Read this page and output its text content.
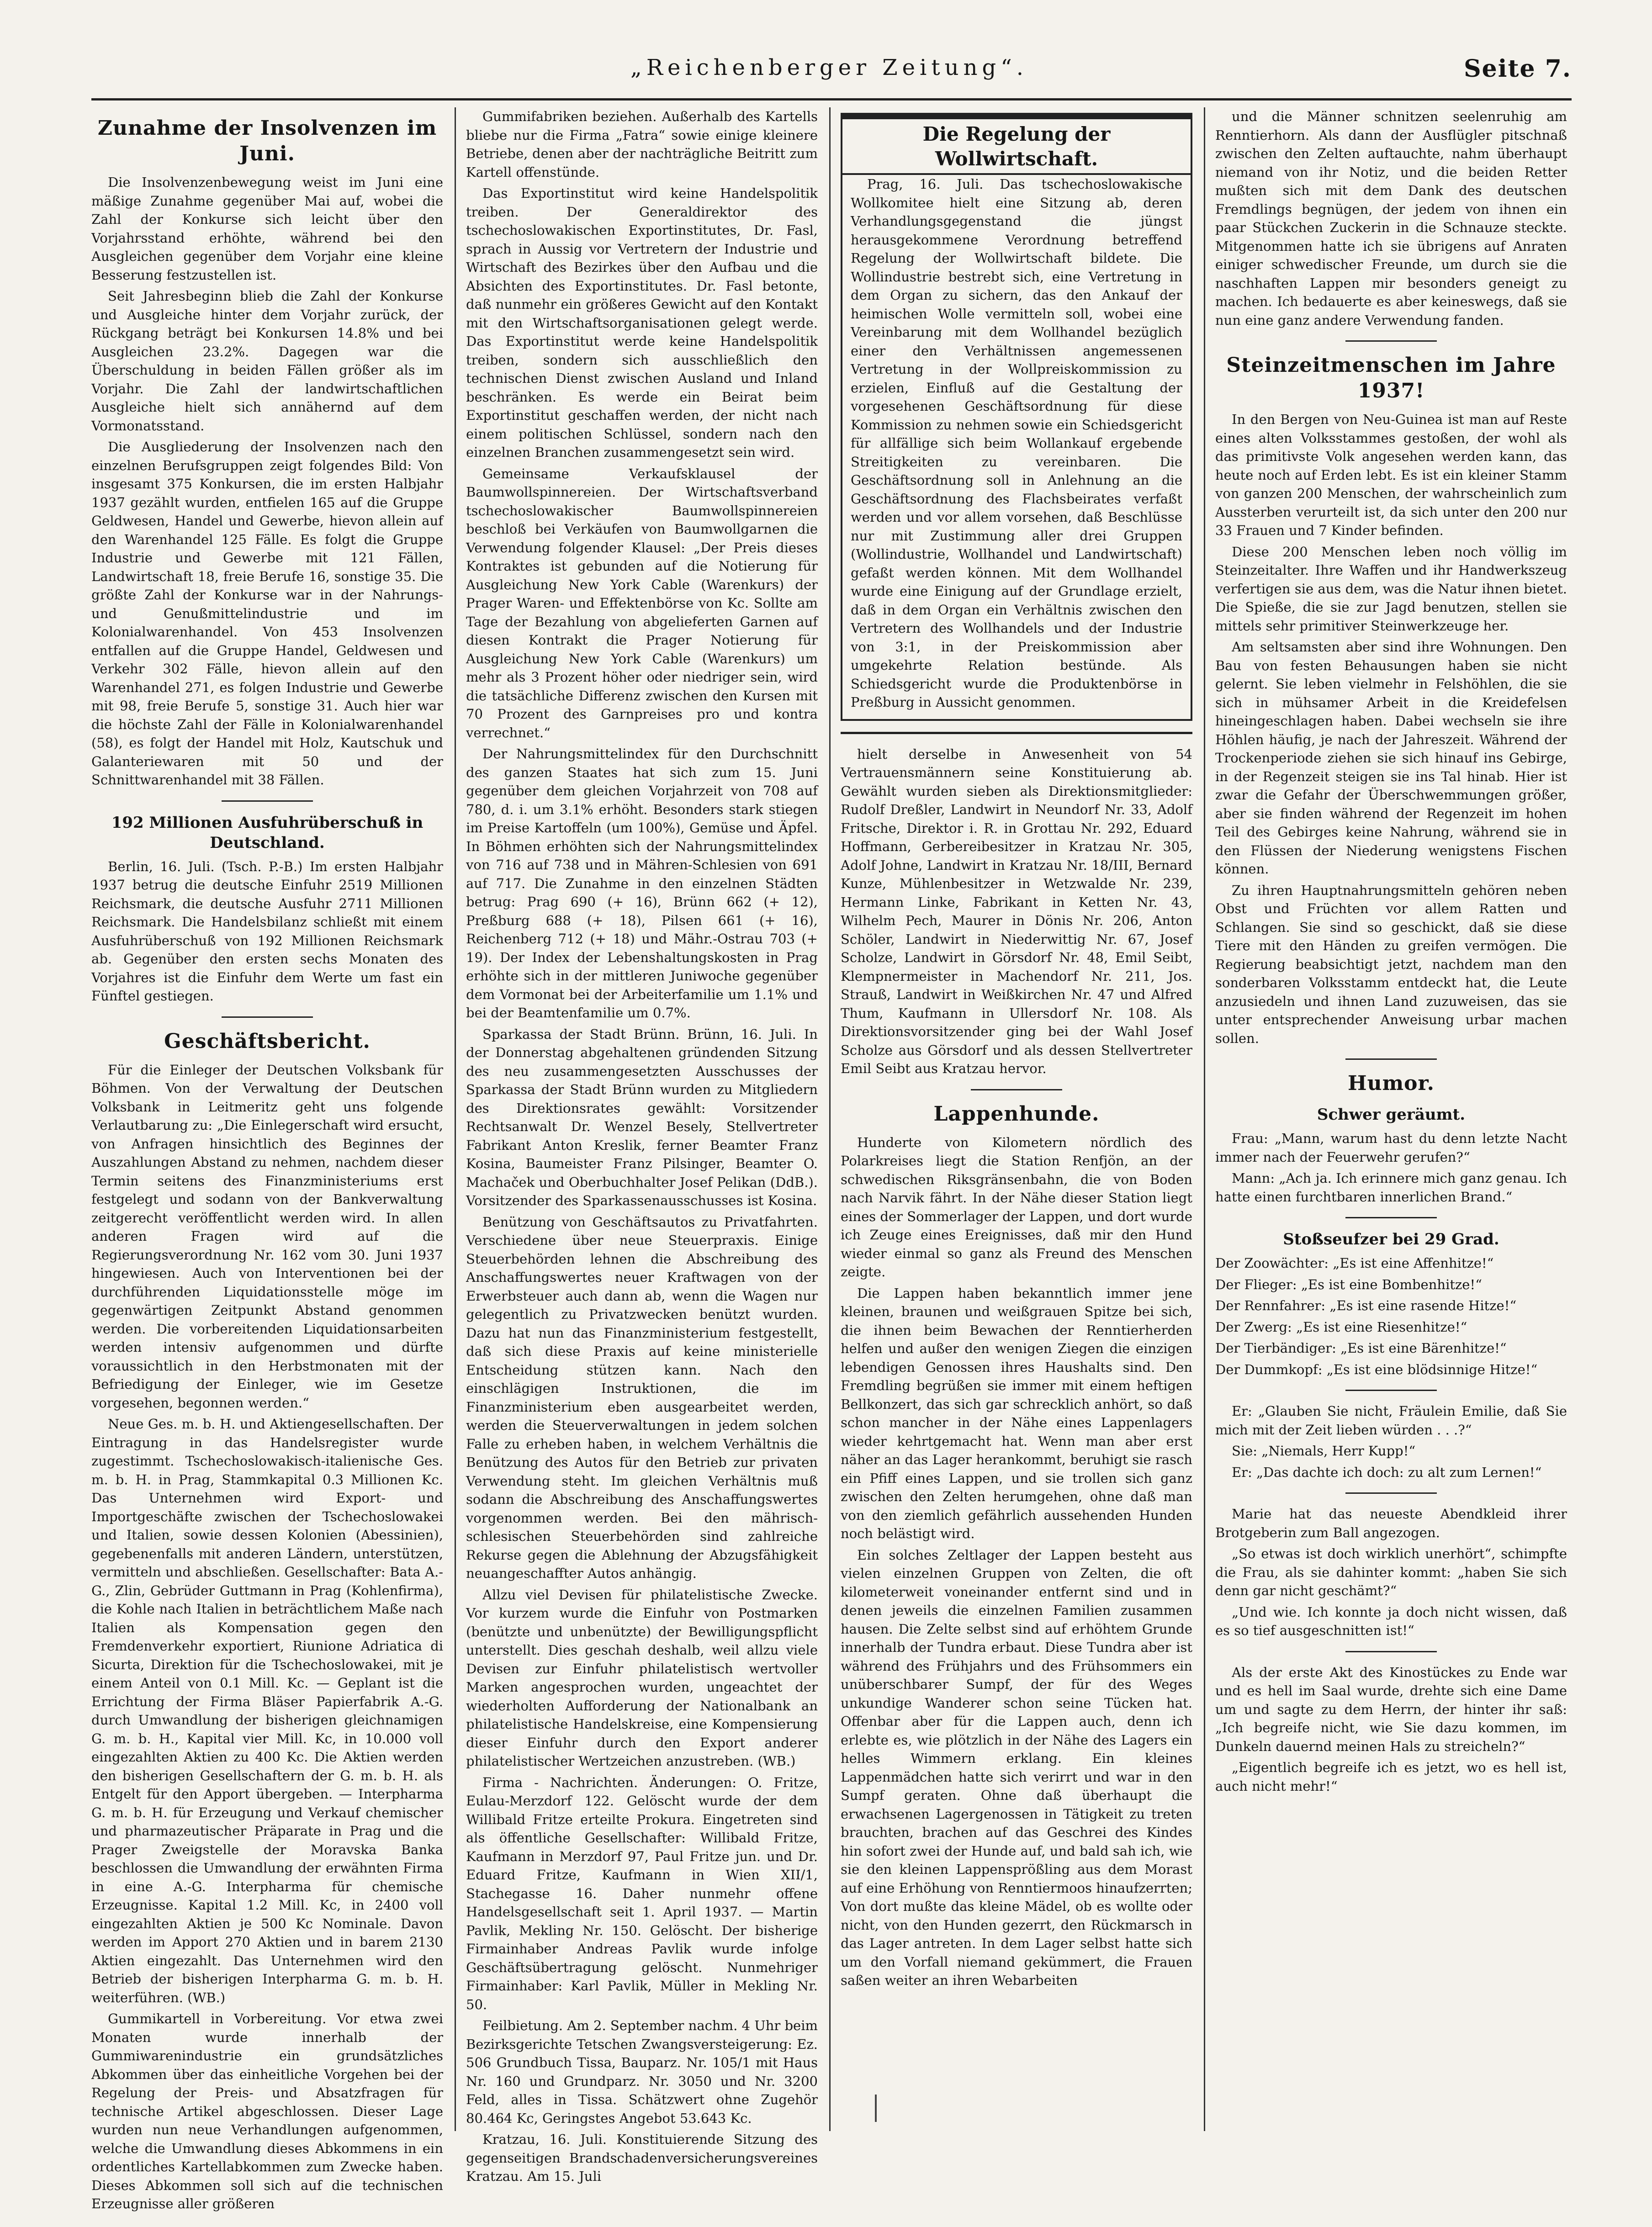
„Reichenberger Zeitung“.	Seite 7.
Zunahme der Insolvenzen im Juni.

Die Insolvenzenbewegung weist im Juni eine mäßige Zunahme gegenüber Mai auf, wobei die Zahl der Konkurse sich leicht über den Vorjahrsstand erhöhte, während bei den Ausgleichen gegenüber dem Vorjahr eine kleine Besserung festzustellen ist.

Seit Jahresbeginn blieb die Zahl der Konkurse und Ausgleiche hinter dem Vorjahr zurück, der Rückgang beträgt bei Konkursen 14.8% und bei Ausgleichen 23.2%. Dagegen war die Überschuldung in beiden Fällen größer als im Vorjahr. Die Zahl der landwirtschaftlichen Ausgleiche hielt sich annähernd auf dem Vormonatsstand.

Die Ausgliederung der Insolvenzen nach den einzelnen Berufsgruppen zeigt folgendes Bild: Von insgesamt 375 Konkursen, die im ersten Halbjahr 1937 gezählt wurden, entfielen 165 auf die Gruppe Geldwesen, Handel und Gewerbe, hievon allein auf den Warenhandel 125 Fälle. Es folgt die Gruppe Industrie und Gewerbe mit 121 Fällen, Landwirtschaft 18, freie Berufe 16, sonstige 35. Die größte Zahl der Konkurse war in der Nahrungs- und Genußmittelindustrie und im Kolonialwarenhandel. Von 453 Insolvenzen entfallen auf die Gruppe Handel, Geldwesen und Verkehr 302 Fälle, hievon allein auf den Warenhandel 271, es folgen Industrie und Gewerbe mit 98, freie Berufe 5, sonstige 31. Auch hier war die höchste Zahl der Fälle in Kolonialwarenhandel (58), es folgt der Handel mit Holz, Kautschuk und Galanteriewaren mit 50 und der Schnittwarenhandel mit 38 Fällen.

192 Millionen Ausfuhrüberschuß in Deutschland.

Berlin, 16. Juli. (Tsch. P.-B.) Im ersten Halbjahr 1937 betrug die deutsche Einfuhr 2519 Millionen Reichsmark, die deutsche Ausfuhr 2711 Millionen Reichsmark. Die Handelsbilanz schließt mit einem Ausfuhrüberschuß von 192 Millionen Reichsmark ab. Gegenüber den ersten sechs Monaten des Vorjahres ist die Einfuhr dem Werte um fast ein Fünftel gestiegen.

Geschäftsbericht.

Für die Einleger der Deutschen Volksbank für Böhmen. Von der Verwaltung der Deutschen Volksbank in Leitmeritz geht uns folgende Verlautbarung zu: „Die Einlegerschaft wird ersucht, von Anfragen hinsichtlich des Beginnes der Auszahlungen Abstand zu nehmen, nachdem dieser Termin seitens des Finanzministeriums erst festgelegt und sodann von der Bankverwaltung zeitgerecht veröffentlicht werden wird. In allen anderen Fragen wird auf die Regierungsverordnung Nr. 162 vom 30. Juni 1937 hingewiesen. Auch von Interventionen bei der durchführenden Liquidationsstelle möge im gegenwärtigen Zeitpunkt Abstand genommen werden. Die vorbereitenden Liquidationsarbeiten werden intensiv aufgenommen und dürfte voraussichtlich in den Herbstmonaten mit der Befriedigung der Einleger, wie im Gesetze vorgesehen, begonnen werden.“

Neue Ges. m. b. H. und Aktiengesellschaften. Der Eintragung in das Handelsregister wurde zugestimmt. Tschechoslowakisch-italienische Ges. m. b. H. in Prag, Stammkapital 0.3 Millionen Kc. Das Unternehmen wird Export- und Importgeschäfte zwischen der Tschechoslowakei und Italien, sowie dessen Kolonien (Abessinien), gegebenenfalls mit anderen Ländern, unterstützen, vermitteln und abschließen. Gesellschafter: Bata A.-G., Zlin, Gebrüder Guttmann in Prag (Kohlenfirma), die Kohle nach Italien in beträchtlichem Maße nach Italien als Kompensation gegen den Fremdenverkehr exportiert, Riunione Adriatica di Sicurta, Direktion für die Tschechoslowakei, mit je einem Anteil von 0.1 Mill. Kc. — Geplant ist die Errichtung der Firma Bläser Papierfabrik A.-G. durch Umwandlung der bisherigen gleichnamigen G. m. b. H., Kapital vier Mill. Kc, in 10.000 voll eingezahlten Aktien zu 400 Kc. Die Aktien werden den bisherigen Gesellschaftern der G. m. b. H. als Entgelt für den Apport übergeben. — Interpharma G. m. b. H. für Erzeugung und Verkauf chemischer und pharmazeutischer Präparate in Prag und die Prager Zweigstelle der Moravska Banka beschlossen die Umwandlung der erwähnten Firma in eine A.-G. Interpharma für chemische Erzeugnisse. Kapital 1.2 Mill. Kc, in 2400 voll eingezahlten Aktien je 500 Kc Nominale. Davon werden im Apport 270 Aktien und in barem 2130 Aktien eingezahlt. Das Unternehmen wird den Betrieb der bisherigen Interpharma G. m. b. H. weiterführen. (WB.)

Gummikartell in Vorbereitung. Vor etwa zwei Monaten wurde innerhalb der Gummiwarenindustrie ein grundsätzliches Abkommen über das einheitliche Vorgehen bei der Regelung der Preis- und Absatzfragen für technische Artikel abgeschlossen. Dieser Lage wurden nun neue Verhandlungen aufgenommen, welche die Umwandlung dieses Abkommens in ein ordentliches Kartellabkommen zum Zwecke haben. Dieses Abkommen soll sich auf die technischen Erzeugnisse aller größeren

Gummifabriken beziehen. Außerhalb des Kartells bliebe nur die Firma „Fatra“ sowie einige kleinere Betriebe, denen aber der nachträgliche Beitritt zum Kartell offenstünde.

Das Exportinstitut wird keine Handelspolitik treiben. Der Generaldirektor des tschechoslowakischen Exportinstitutes, Dr. Fasl, sprach in Aussig vor Vertretern der Industrie und Wirtschaft des Bezirkes über den Aufbau und die Absichten des Exportinstitutes. Dr. Fasl betonte, daß nunmehr ein größeres Gewicht auf den Kontakt mit den Wirtschaftsorganisationen gelegt werde. Das Exportinstitut werde keine Handelspolitik treiben, sondern sich ausschließlich den technischen Dienst zwischen Ausland und Inland beschränken. Es werde ein Beirat beim Exportinstitut geschaffen werden, der nicht nach einem politischen Schlüssel, sondern nach den einzelnen Branchen zusammengesetzt sein wird.

Gemeinsame Verkaufsklausel der Baumwollspinnereien. Der Wirtschaftsverband tschechoslowakischer Baumwollspinnereien beschloß bei Verkäufen von Baumwollgarnen die Verwendung folgender Klausel: „Der Preis dieses Kontraktes ist gebunden auf die Notierung für Ausgleichung New York Cable (Warenkurs) der Prager Waren- und Effektenbörse von Kc. Sollte am Tage der Bezahlung von abgelieferten Garnen auf diesen Kontrakt die Prager Notierung für Ausgleichung New York Cable (Warenkurs) um mehr als 3 Prozent höher oder niedriger sein, wird die tatsächliche Differenz zwischen den Kursen mit 70 Prozent des Garnpreises pro und kontra verrechnet.“

Der Nahrungsmittelindex für den Durchschnitt des ganzen Staates hat sich zum 15. Juni gegenüber dem gleichen Vorjahrzeit von 708 auf 780, d. i. um 3.1% erhöht. Besonders stark stiegen im Preise Kartoffeln (um 100%), Gemüse und Äpfel. In Böhmen erhöhten sich der Nahrungsmittelindex von 716 auf 738 und in Mähren-Schlesien von 691 auf 717. Die Zunahme in den einzelnen Städten betrug: Prag 690 (+ 16), Brünn 662 (+ 12), Preßburg 688 (+ 18), Pilsen 661 (+ 16), Reichenberg 712 (+ 18) und Mähr.-Ostrau 703 (+ 19). Der Index der Lebenshaltungskosten in Prag erhöhte sich in der mittleren Juniwoche gegenüber dem Vormonat bei der Arbeiterfamilie um 1.1% und bei der Beamtenfamilie um 0.7%.

Sparkassa der Stadt Brünn. Brünn, 16. Juli. In der Donnerstag abgehaltenen gründenden Sitzung des neu zusammengesetzten Ausschusses der Sparkassa der Stadt Brünn wurden zu Mitgliedern des Direktionsrates gewählt: Vorsitzender Rechtsanwalt Dr. Wenzel Besely, Stellvertreter Fabrikant Anton Kreslik, ferner Beamter Franz Kosina, Baumeister Franz Pilsinger, Beamter O. Machaček und Oberbuchhalter Josef Pelikan (DdB.). Vorsitzender des Sparkassenausschusses ist Kosina.

Benützung von Geschäftsautos zu Privatfahrten. Verschiedene über neue Steuerpraxis. Einige Steuerbehörden lehnen die Abschreibung des Anschaffungswertes neuer Kraftwagen von der Erwerbsteuer auch dann ab, wenn die Wagen nur gelegentlich zu Privatzwecken benützt wurden. Dazu hat nun das Finanzministerium festgestellt, daß sich diese Praxis auf keine ministerielle Entscheidung stützen kann. Nach den einschlägigen Instruktionen, die im Finanzministerium eben ausgearbeitet werden, werden die Steuerverwaltungen in jedem solchen Falle zu erheben haben, in welchem Verhältnis die Benützung des Autos für den Betrieb zur privaten Verwendung steht. Im gleichen Verhältnis muß sodann die Abschreibung des Anschaffungswertes vorgenommen werden. Bei den mährisch-schlesischen Steuerbehörden sind zahlreiche Rekurse gegen die Ablehnung der Abzugsfähigkeit neuangeschaffter Autos anhängig.

Allzu viel Devisen für philatelistische Zwecke. Vor kurzem wurde die Einfuhr von Postmarken (benützte und unbenützte) der Bewilligungspflicht unterstellt. Dies geschah deshalb, weil allzu viele Devisen zur Einfuhr philatelistisch wertvoller Marken angesprochen wurden, ungeachtet der wiederholten Aufforderung der Nationalbank an philatelistische Handelskreise, eine Kompensierung dieser Einfuhr durch den Export anderer philatelistischer Wertzeichen anzustreben. (WB.)

Firma - Nachrichten. Änderungen: O. Fritze, Eulau-Merzdorf 122. Gelöscht wurde der dem Willibald Fritze erteilte Prokura. Eingetreten sind als öffentliche Gesellschafter: Willibald Fritze, Kaufmann in Merzdorf 97, Paul Fritze jun. und Dr. Eduard Fritze, Kaufmann in Wien XII/1, Stachegasse 16. Daher nunmehr offene Handelsgesellschaft seit 1. April 1937. — Martin Pavlik, Mekling Nr. 150. Gelöscht. Der bisherige Firmainhaber Andreas Pavlik wurde infolge Geschäftsübertragung gelöscht. Nunmehriger Firmainhaber: Karl Pavlik, Müller in Mekling Nr. 50.

Feilbietung. Am 2. September nachm. 4 Uhr beim Bezirksgerichte Tetschen Zwangsversteigerung: Ez. 506 Grundbuch Tissa, Bauparz. Nr. 105/1 mit Haus Nr. 160 und Grundparz. Nr. 3050 und Nr. 3200 Feld, alles in Tissa. Schätzwert ohne Zugehör 80.464 Kc, Geringstes Angebot 53.643 Kc.

Kratzau, 16. Juli. Konstituierende Sitzung des gegenseitigen Brandschadenversicherungsvereines Kratzau. Am 15. Juli

Die Regelung der Wollwirtschaft.

Prag, 16. Juli. Das tschechoslowakische Wollkomitee hielt eine Sitzung ab, deren Verhandlungsgegenstand die jüngst herausgekommene Verordnung betreffend Regelung der Wollwirtschaft bildete. Die Wollindustrie bestrebt sich, eine Vertretung in dem Organ zu sichern, das den Ankauf der heimischen Wolle vermitteln soll, wobei eine Vereinbarung mit dem Wollhandel bezüglich einer den Verhältnissen angemessenen Vertretung in der Wollpreiskommission zu erzielen, Einfluß auf die Gestaltung der vorgesehenen Geschäftsordnung für diese Kommission zu nehmen sowie ein Schiedsgericht für allfällige sich beim Wollankauf ergebende Streitigkeiten zu vereinbaren. Die Geschäftsordnung soll in Anlehnung an die Geschäftsordnung des Flachsbeirates verfaßt werden und vor allem vorsehen, daß Beschlüsse nur mit Zustimmung aller drei Gruppen (Wollindustrie, Wollhandel und Landwirtschaft) gefaßt werden können. Mit dem Wollhandel wurde eine Einigung auf der Grundlage erzielt, daß in dem Organ ein Verhältnis zwischen den Vertretern des Wollhandels und der Industrie von 3:1, in der Preiskommission aber umgekehrte Relation bestünde. Als Schiedsgericht wurde die Produktenbörse in Preßburg in Aussicht genommen.

hielt derselbe in Anwesenheit von 54 Vertrauensmännern seine Konstituierung ab. Gewählt wurden sieben als Direktionsmitglieder: Rudolf Dreßler, Landwirt in Neundorf Nr. 33, Adolf Fritsche, Direktor i. R. in Grottau Nr. 292, Eduard Hoffmann, Gerbereibesitzer in Kratzau Nr. 305, Adolf Johne, Landwirt in Kratzau Nr. 18/III, Bernard Kunze, Mühlenbesitzer in Wetzwalde Nr. 239, Hermann Linke, Fabrikant in Ketten Nr. 43, Wilhelm Pech, Maurer in Dönis Nr. 206, Anton Schöler, Landwirt in Niederwittig Nr. 67, Josef Scholze, Landwirt in Görsdorf Nr. 48, Emil Seibt, Klempnermeister in Machendorf Nr. 211, Jos. Strauß, Landwirt in Weißkirchen Nr. 47 und Alfred Thum, Kaufmann in Ullersdorf Nr. 108. Als Direktionsvorsitzender ging bei der Wahl Josef Scholze aus Görsdorf und als dessen Stellvertreter Emil Seibt aus Kratzau hervor.

Lappenhunde.

Hunderte von Kilometern nördlich des Polarkreises liegt die Station Renfjön, an der schwedischen Riksgränsenbahn, die von Boden nach Narvik fährt. In der Nähe dieser Station liegt eines der Sommerlager der Lappen, und dort wurde ich Zeuge eines Ereignisses, daß mir den Hund wieder einmal so ganz als Freund des Menschen zeigte.

Die Lappen haben bekanntlich immer jene kleinen, braunen und weißgrauen Spitze bei sich, die ihnen beim Bewachen der Renntierherden helfen und außer den wenigen Ziegen die einzigen lebendigen Genossen ihres Haushalts sind. Den Fremdling begrüßen sie immer mit einem heftigen Bellkonzert, das sich gar schrecklich anhört, so daß schon mancher in der Nähe eines Lappenlagers wieder kehrtgemacht hat. Wenn man aber erst näher an das Lager herankommt, beruhigt sie rasch ein Pfiff eines Lappen, und sie trollen sich ganz zwischen den Zelten herumgehen, ohne daß man von den ziemlich gefährlich aussehenden Hunden noch belästigt wird.

Ein solches Zeltlager der Lappen besteht aus vielen einzelnen Gruppen von Zelten, die oft kilometerweit voneinander entfernt sind und in denen jeweils die einzelnen Familien zusammen hausen. Die Zelte selbst sind auf erhöhtem Grunde innerhalb der Tundra erbaut. Diese Tundra aber ist während des Frühjahrs und des Frühsommers ein unüberschbarer Sumpf, der für des Weges unkundige Wanderer schon seine Tücken hat. Offenbar aber für die Lappen auch, denn ich erlebte es, wie plötzlich in der Nähe des Lagers ein helles Wimmern erklang. Ein kleines Lappenmädchen hatte sich verirrt und war in den Sumpf geraten. Ohne daß überhaupt die erwachsenen Lagergenossen in Tätigkeit zu treten brauchten, brachen auf das Geschrei des Kindes hin sofort zwei der Hunde auf, und bald sah ich, wie sie den kleinen Lappensprößling aus dem Morast auf eine Erhöhung von Renntiermoos hinaufzerrten; Von dort mußte das kleine Mädel, ob es wollte oder nicht, von den Hunden gezerrt, den Rückmarsch in das Lager antreten. In dem Lager selbst hatte sich um den Vorfall niemand gekümmert, die Frauen saßen weiter an ihren Webarbeiten

und die Männer schnitzen seelenruhig am Renntierhorn. Als dann der Ausflügler pitschnaß zwischen den Zelten auftauchte, nahm überhaupt niemand von ihr Notiz, und die beiden Retter mußten sich mit dem Dank des deutschen Fremdlings begnügen, der jedem von ihnen ein paar Stückchen Zuckerin in die Schnauze steckte. Mitgenommen hatte ich sie übrigens auf Anraten einiger schwedischer Freunde, um durch sie die naschhaften Lappen mir besonders geneigt zu machen. Ich bedauerte es aber keineswegs, daß sie nun eine ganz andere Verwendung fanden.

Steinzeitmenschen im Jahre 1937!

In den Bergen von Neu-Guinea ist man auf Reste eines alten Volksstammes gestoßen, der wohl als das primitivste Volk angesehen werden kann, das heute noch auf Erden lebt. Es ist ein kleiner Stamm von ganzen 200 Menschen, der wahrscheinlich zum Aussterben verurteilt ist, da sich unter den 200 nur 33 Frauen und 7 Kinder befinden.

Diese 200 Menschen leben noch völlig im Steinzeitalter. Ihre Waffen und ihr Handwerkszeug verfertigen sie aus dem, was die Natur ihnen bietet. Die Spieße, die sie zur Jagd benutzen, stellen sie mittels sehr primitiver Steinwerkzeuge her.

Am seltsamsten aber sind ihre Wohnungen. Den Bau von festen Behausungen haben sie nicht gelernt. Sie leben vielmehr in Felshöhlen, die sie sich in mühsamer Arbeit in die Kreidefelsen hineingeschlagen haben. Dabei wechseln sie ihre Höhlen häufig, je nach der Jahreszeit. Während der Trockenperiode ziehen sie sich hinauf ins Gebirge, in der Regenzeit steigen sie ins Tal hinab. Hier ist zwar die Gefahr der Überschwemmungen größer, aber sie finden während der Regenzeit im hohen Teil des Gebirges keine Nahrung, während sie in den Flüssen der Niederung wenigstens Fischen können.

Zu ihren Hauptnahrungsmitteln gehören neben Obst und Früchten vor allem Ratten und Schlangen. Sie sind so geschickt, daß sie diese Tiere mit den Händen zu greifen vermögen. Die Regierung beabsichtigt jetzt, nachdem man den sonderbaren Volksstamm entdeckt hat, die Leute anzusiedeln und ihnen Land zuzuweisen, das sie unter entsprechender Anweisung urbar machen sollen.

Humor.
Schwer geräumt.

Frau: „Mann, warum hast du denn letzte Nacht immer nach der Feuerwehr gerufen?“

Mann: „Ach ja. Ich erinnere mich ganz genau. Ich hatte einen furchtbaren innerlichen Brand.“

Stoßseufzer bei 29 Grad.

Der Zoowächter: „Es ist eine Affenhitze!“

Der Flieger: „Es ist eine Bombenhitze!“

Der Rennfahrer: „Es ist eine rasende Hitze!“

Der Zwerg: „Es ist eine Riesenhitze!“

Der Tierbändiger: „Es ist eine Bärenhitze!“

Der Dummkopf: „Es ist eine blödsinnige Hitze!“

Er: „Glauben Sie nicht, Fräulein Emilie, daß Sie mich mit der Zeit lieben würden . . .?“

Sie: „Niemals, Herr Kupp!“

Er: „Das dachte ich doch: zu alt zum Lernen!“

Marie hat das neueste Abendkleid ihrer Brotgeberin zum Ball angezogen.

„So etwas ist doch wirklich unerhört“, schimpfte die Frau, als sie dahinter kommt: „haben Sie sich denn gar nicht geschämt?“

„Und wie. Ich konnte ja doch nicht wissen, daß es so tief ausgeschnitten ist!“

Als der erste Akt des Kinostückes zu Ende war und es hell im Saal wurde, drehte sich eine Dame um und sagte zu dem Herrn, der hinter ihr saß: „Ich begreife nicht, wie Sie dazu kommen, im Dunkeln dauernd meinen Hals zu streicheln?“

„Eigentlich begreife ich es jetzt, wo es hell ist, auch nicht mehr!“
